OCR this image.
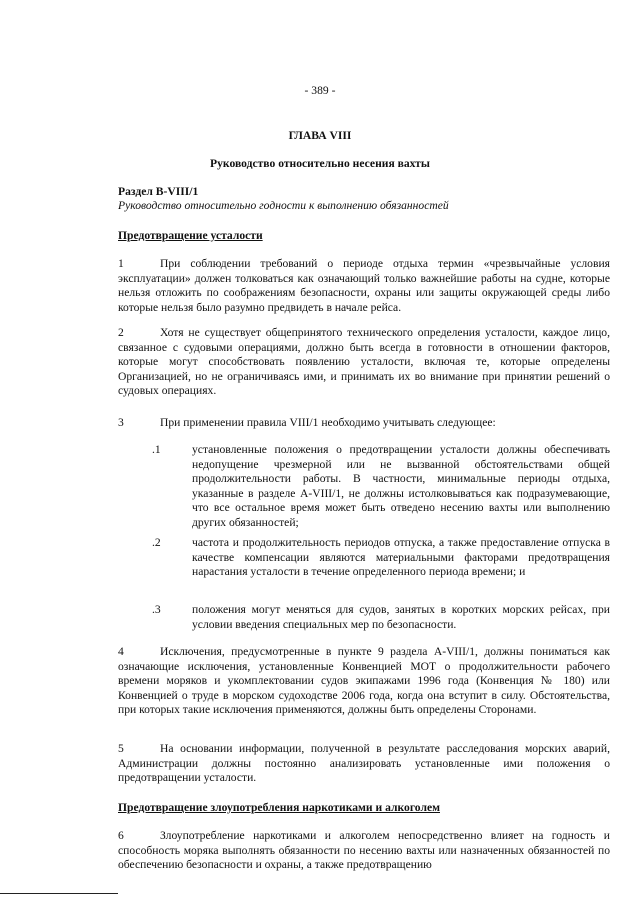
- 389 -
ГЛАВА VIII
Руководство относительно несения вахты
Раздел B-VIII/1
Руководство относительно годности к выполнению обязанностей
Предотвращение усталости
1	При соблюдении требований о периоде отдыха термин «чрезвычайные условия эксплуатации» должен толковаться как означающий только важнейшие работы на судне, которые нельзя отложить по соображениям безопасности, охраны или защиты окружающей среды либо которые нельзя было разумно предвидеть в начале рейса.
2	Хотя не существует общепринятого технического определения усталости, каждое лицо, связанное с судовыми операциями, должно быть всегда в готовности в отношении факторов, которые могут способствовать появлению усталости, включая те, которые определены Организацией, но не ограничиваясь ими, и принимать их во внимание при принятии решений о судовых операциях.
3	При применении правила VIII/1 необходимо учитывать следующее:
.1	установленные положения о предотвращении усталости должны обеспечивать недопущение чрезмерной или не вызванной обстоятельствами общей продолжительности работы. В частности, минимальные периоды отдыха, указанные в разделе A-VIII/1, не должны истолковываться как подразумевающие, что все остальное время может быть отведено несению вахты или выполнению других обязанностей;
.2	частота и продолжительность периодов отпуска, а также предоставление отпуска в качестве компенсации являются материальными факторами предотвращения нарастания усталости в течение определенного периода времени; и
.3	положения могут меняться для судов, занятых в коротких морских рейсах, при условии введения специальных мер по безопасности.
4	Исключения, предусмотренные в пункте 9 раздела A-VIII/1, должны пониматься как означающие исключения, установленные Конвенцией МОТ о продолжительности рабочего времени моряков и укомплектовании судов экипажами 1996 года (Конвенция № 180) или Конвенцией о труде в морском судоходстве 2006 года, когда она вступит в силу. Обстоятельства, при которых такие исключения применяются, должны быть определены Сторонами.
5	На основании информации, полученной в результате расследования морских аварий, Администрации должны постоянно анализировать установленные ими положения о предотвращении усталости.
Предотвращение злоупотребления наркотиками и алкоголем
6	Злоупотребление наркотиками и алкоголем непосредственно влияет на годность и способность моряка выполнять обязанности по несению вахты или назначенных обязанностей по обеспечению безопасности и охраны, а также предотвращению
